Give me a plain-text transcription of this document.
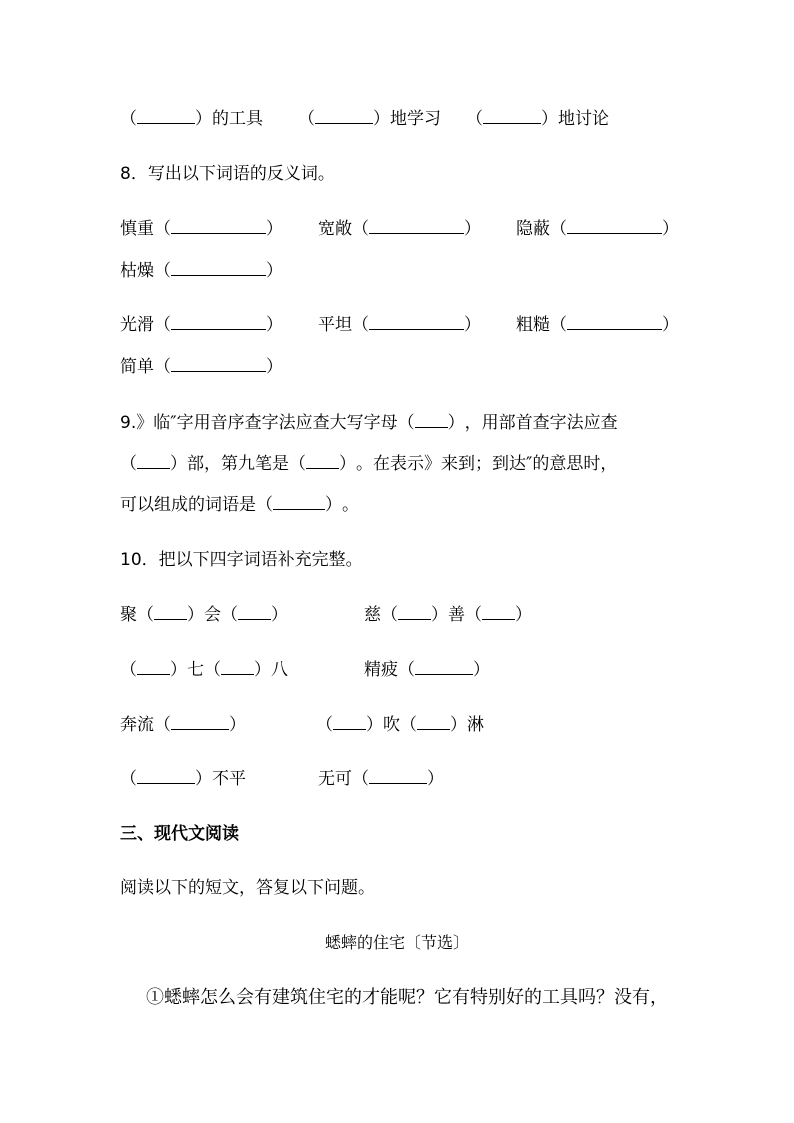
（	）的工具 （	）地学习 （	）地讨论
8．写出以下词语的反义词。
慎重（	） 宽敞（	） 隐蔽（	）
枯燥（	）
光滑（	） 平坦（	） 粗糙（	）
简单（	）
9.》临″字用音序查字法应查大写字母（ ），用部首查字法应查
（ ）部，第九笔是（ ）。在表示》来到；到达″的意思时，
可以组成的词语是（	）。
10．把以下四字词语补充完整。
聚（ ）会（ ）	慈（ ）善（ ）
（ ）七（ ）八	精疲（	）
奔流（	）	（ ）吹（ ）淋
（	）不平	无可（	）
三、现代文阅读
阅读以下的短文，答复以下问题。
蟋蟀的住宅〔节选〕
①蟋蟀怎么会有建筑住宅的才能呢？它有特别好的工具吗？没有，
